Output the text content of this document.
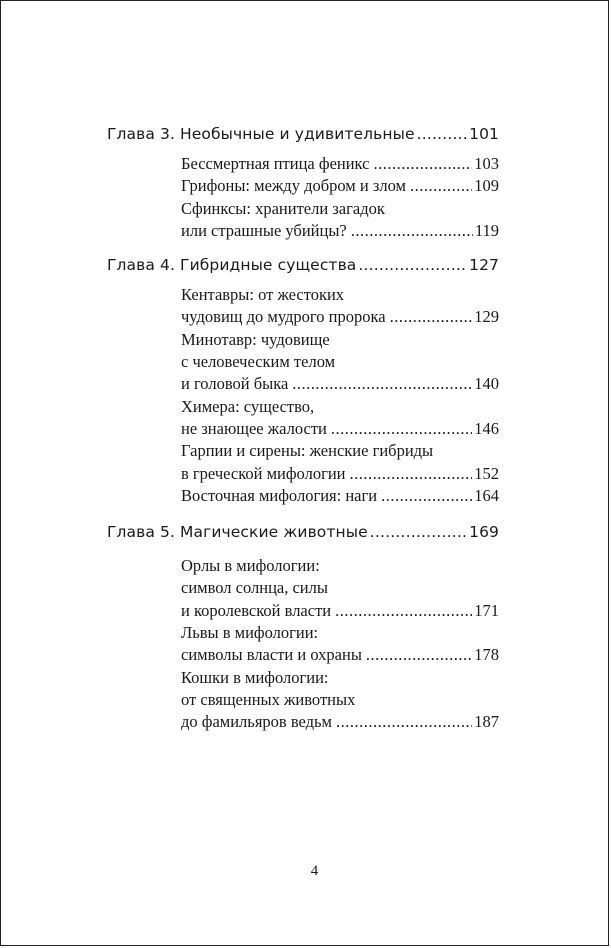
Глава 3. Необычные и удивительные .....	101
Бессмертная птица феникс .....	103
Грифоны: между добром и злом .....	109
Сфинксы: хранители загадок
или страшные убийцы? .....	119
Глава 4. Гибридные существа .....	127
Кентавры: от жестоких
чудовищ до мудрого пророка .....	129
Минотавр: чудовище
с человеческим телом
и головой быка .....	140
Химера: существо,
не знающее жалости .....	146
Гарпии и сирены: женские гибриды
в греческой мифологии .....	152
Восточная мифология: наги .....	164
Глава 5. Магические животные .....	169
Орлы в мифологии:
символ солнца, силы
и королевской власти .....	171
Львы в мифологии:
символы власти и охраны .....	178
Кошки в мифологии:
от священных животных
до фамильяров ведьм .....	187
4
